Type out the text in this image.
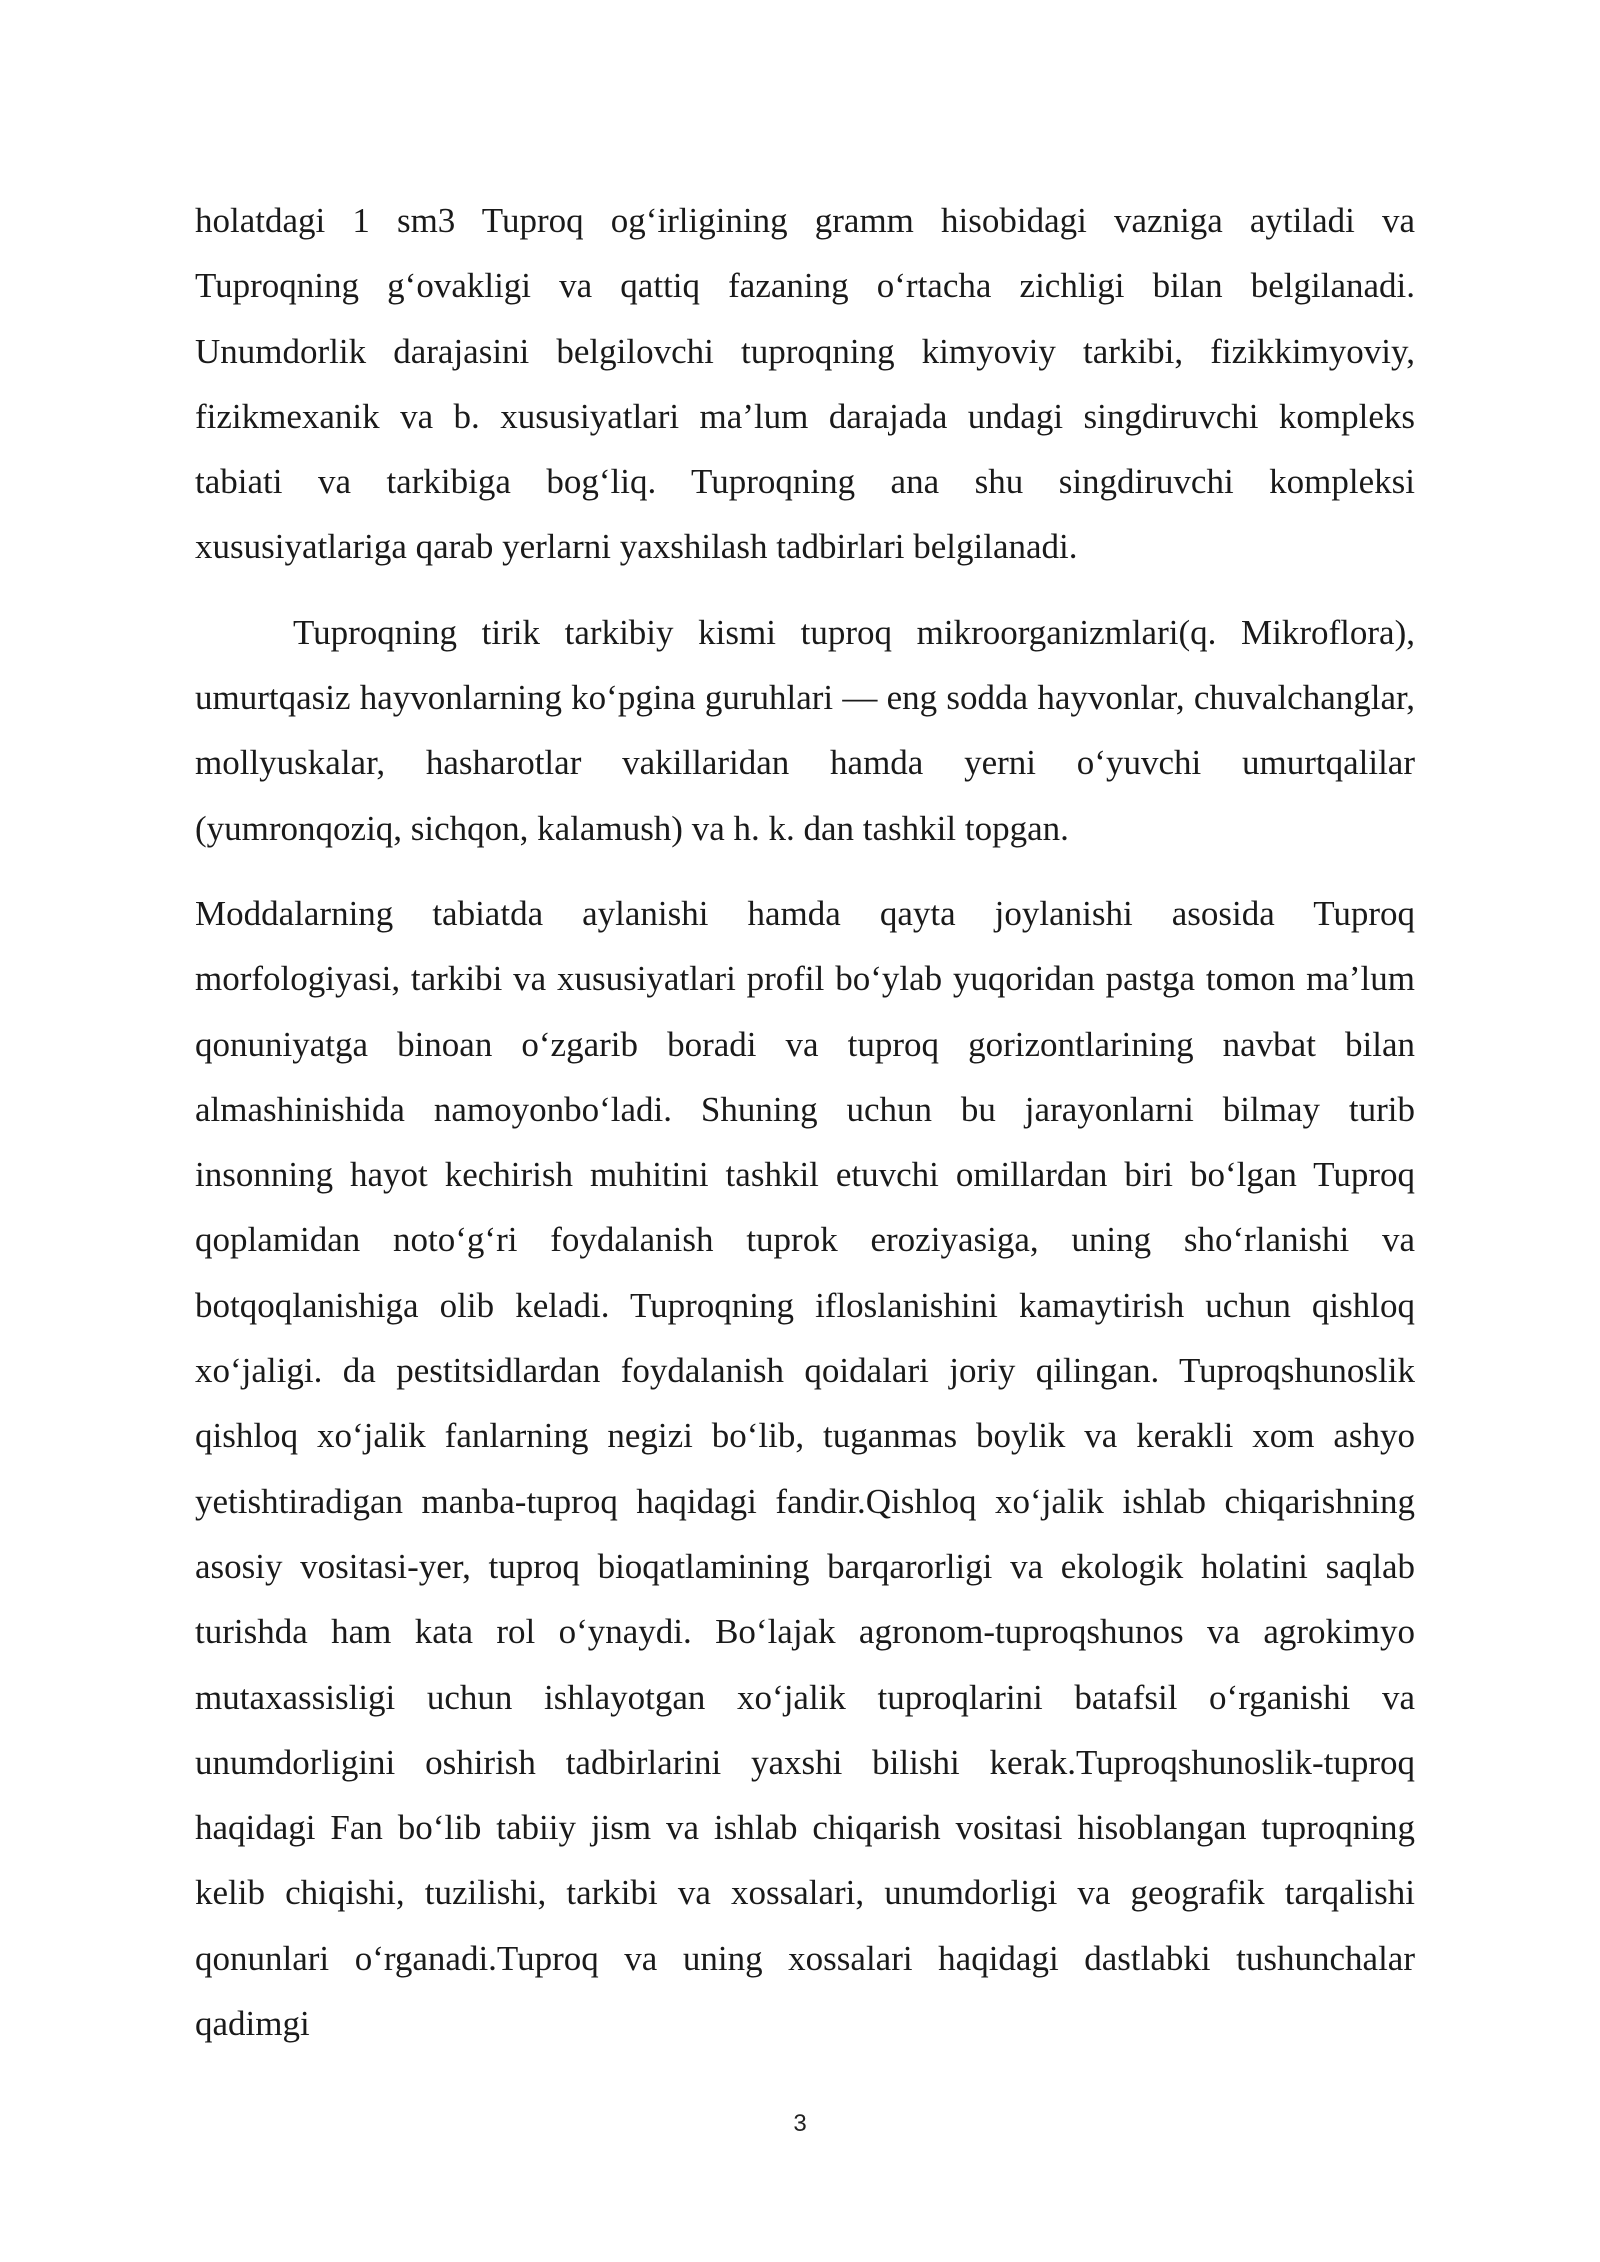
holatdagi 1 sm3 Tuproq og‘irligining gramm hisobidagi vazniga aytiladi va Tuproqning g‘ovakligi va qattiq fazaning o‘rtacha zichligi bilan belgilanadi. Unumdorlik darajasini belgilovchi tuproqning kimyoviy tarkibi, fizikkimyoviy, fizikmexanik va b. xususiyatlari ma’lum darajada undagi singdiruvchi kompleks tabiati va tarkibiga bog‘liq. Tuproqning ana shu singdiruvchi kompleksi xususiyatlariga qarab yerlarni yaxshilash tadbirlari belgilanadi.

Tuproqning tirik tarkibiy kismi tuproq mikroorganizmlari(q. Mikroflora), umurtqasiz hayvonlarning ko‘pgina guruhlari — eng sodda hayvonlar, chuvalchanglar, mollyuskalar, hasharotlar vakillaridan hamda yerni o‘yuvchi umurtqalilar (yumronqoziq, sichqon, kalamush) va h. k. dan tashkil topgan.

Moddalarning tabiatda aylanishi hamda qayta joylanishi asosida Tuproq morfologiyasi, tarkibi va xususiyatlari profil bo‘ylab yuqoridan pastga tomon ma’lum qonuniyatga binoan o‘zgarib boradi va tuproq gorizontlarining navbat bilan almashinishida namoyonbo‘ladi. Shuning uchun bu jarayonlarni bilmay turib insonning hayot kechirish muhitini tashkil etuvchi omillardan biri bo‘lgan Tuproq qoplamidan noto‘g‘ri foydalanish tuprok eroziyasiga, uning sho‘rlanishi va botqoqlanishiga olib keladi. Tuproqning ifloslanishini kamaytirish uchun qishloq xo‘jaligi. da pestitsidlardan foydalanish qoidalari joriy qilingan. Tuproqshunoslik qishloq xo‘jalik fanlarning negizi bo‘lib, tuganmas boylik va kerakli xom ashyo yetishtiradigan manba-tuproq haqidagi fandir.Qishloq xo‘jalik ishlab chiqarishning asosiy vositasi-yer, tuproq bioqatlamining barqarorligi va ekologik holatini saqlab turishda ham kata rol o‘ynaydi. Bo‘lajak agronom-tuproqshunos va agrokimyo mutaxassisligi uchun ishlayotgan xo‘jalik tuproqlarini batafsil o‘rganishi va unumdorligini oshirish tadbirlarini yaxshi bilishi kerak.Tuproqshunoslik-tuproq haqidagi Fan bo‘lib tabiiy jism va ishlab chiqarish vositasi hisoblangan tuproqning kelib chiqishi, tuzilishi, tarkibi va xossalari, unumdorligi va geografik tarqalishi qonunlari o‘rganadi.Tuproq va uning xossalari haqidagi dastlabki tushunchalar qadimgi

3
